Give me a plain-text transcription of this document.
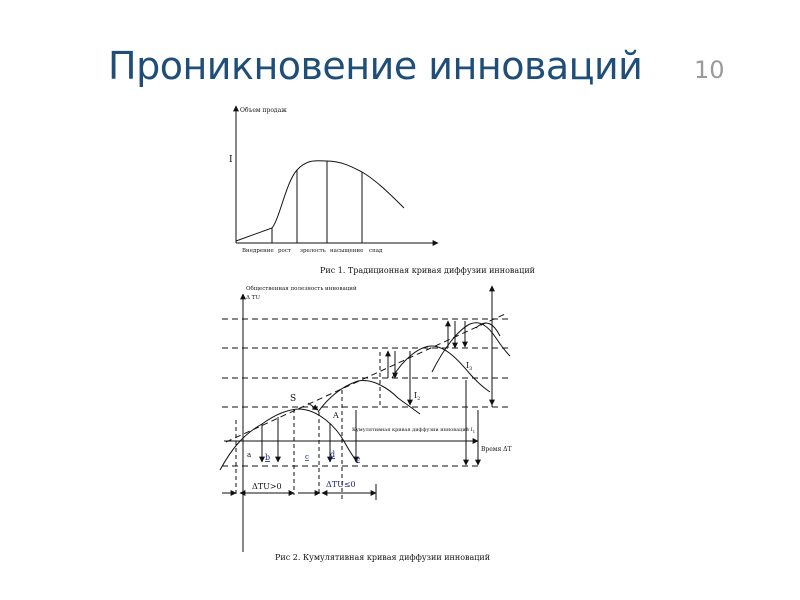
Проникновение инноваций 10
Объем продаж
I
Внедрение рост зрелость насыщение спад
Рис 1. Традиционная кривая диффузии инноваций
Общественная полезность инноваций
Δ TU
Время ΔT
S
A
Кумулятивная кривая диффузии инноваций $I_1$
a b	c	d	e
$I_2$
$I_3$
ΔTU>0	ΔTU≤0
Рис 2. Кумулятивная кривая диффузии инноваций
